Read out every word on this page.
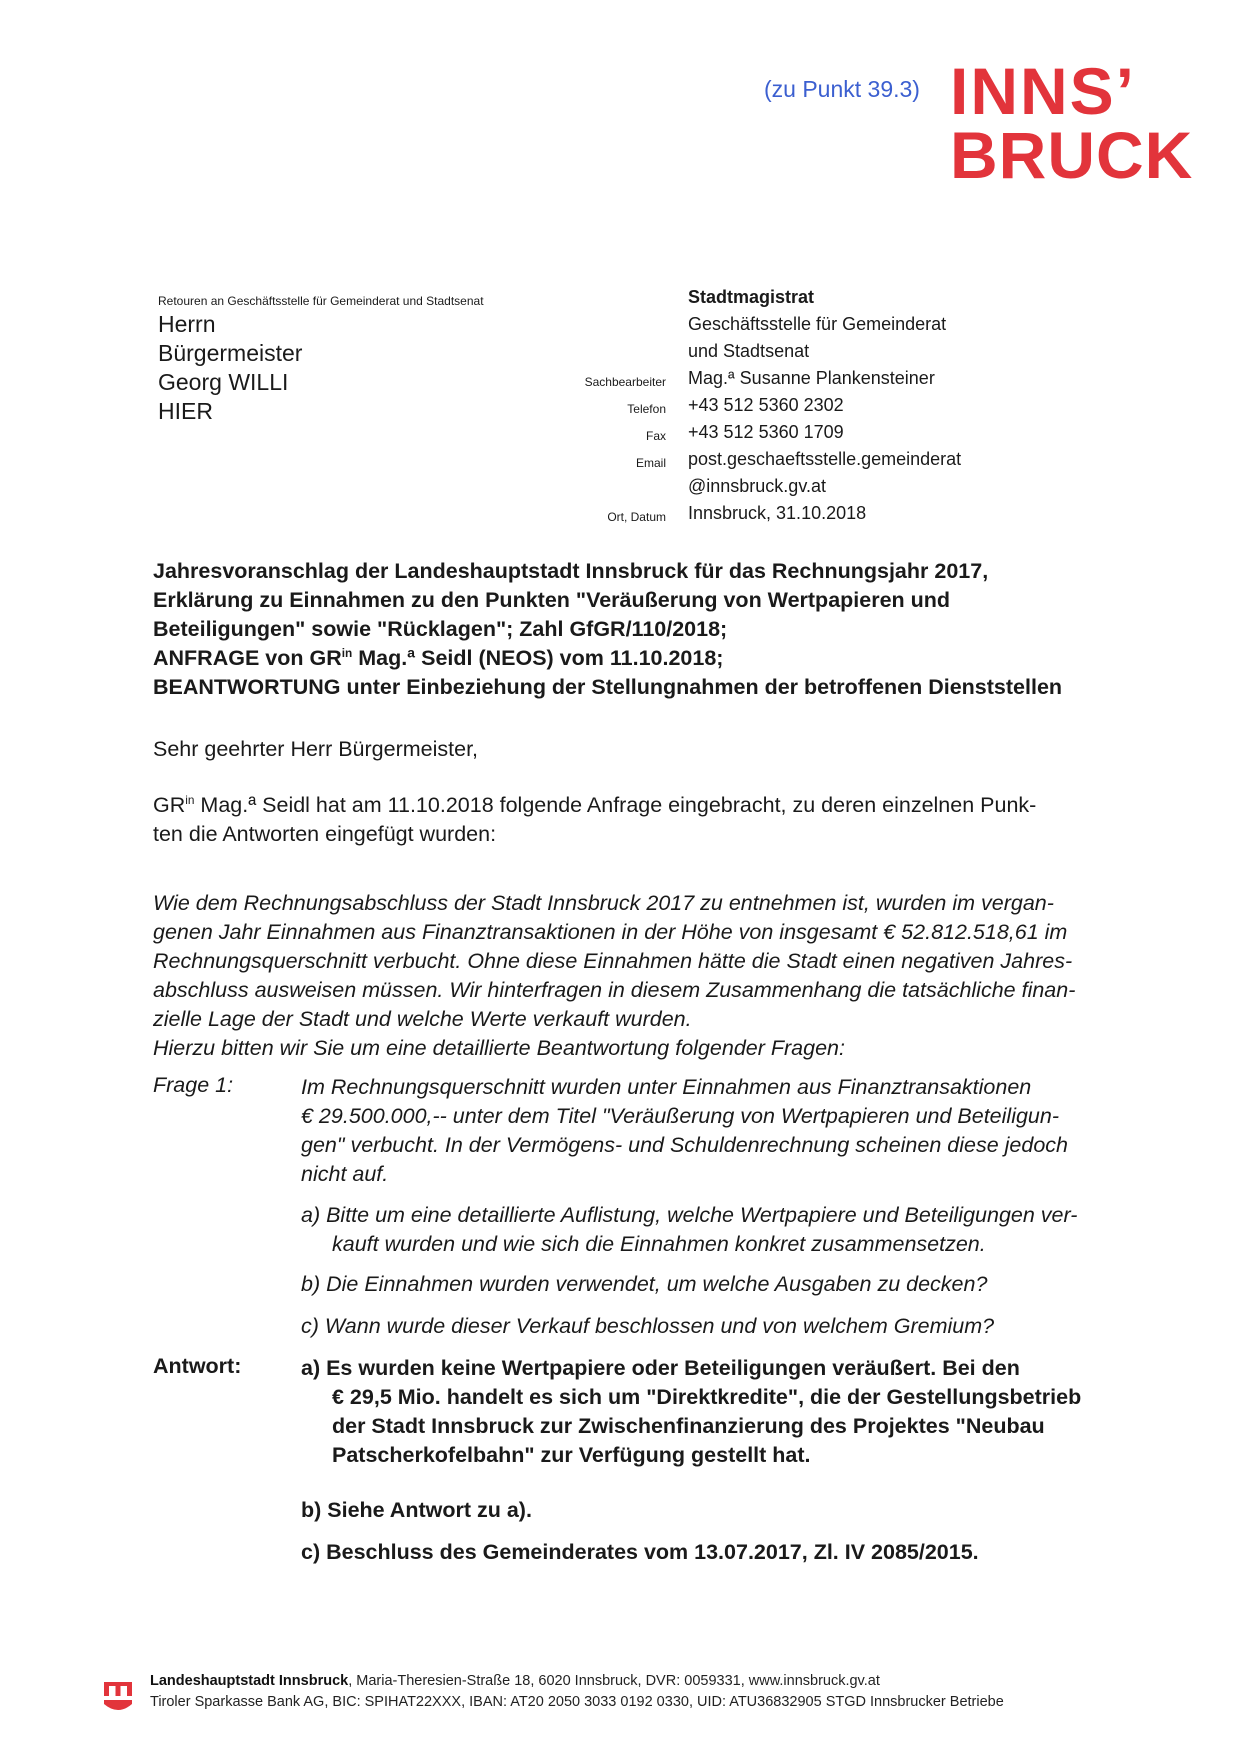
(zu Punkt 39.3) INNS’
BRUCK
Retouren an Geschäftsstelle für Gemeinderat und Stadtsenat
Herrn
Bürgermeister
Georg WILLI
HIER
Stadtmagistrat
Geschäftsstelle für Gemeinderat
und Stadtsenat
Sachbearbeiter Mag.ª Susanne Plankensteiner
Telefon +43 512 5360 2302
Fax +43 512 5360 1709
Email post.geschaeftsstelle.gemeinderat
@innsbruck.gv.at
Ort, Datum Innsbruck, 31.10.2018
Jahresvoranschlag der Landeshauptstadt Innsbruck für das Rechnungsjahr 2017,
Erklärung zu Einnahmen zu den Punkten "Veräußerung von Wertpapieren und
Beteiligungen" sowie "Rücklagen"; Zahl GfGR/110/2018;
ANFRAGE von $GR^{in}$ Mag.ª Seidl (NEOS) vom 11.10.2018;
BEANTWORTUNG unter Einbeziehung der Stellungnahmen der betroffenen Dienststellen
Sehr geehrter Herr Bürgermeister,
$GR^{in}$ Mag.ª Seidl hat am 11.10.2018 folgende Anfrage eingebracht, zu deren einzelnen Punk-
ten die Antworten eingefügt wurden:
Wie dem Rechnungsabschluss der Stadt Innsbruck 2017 zu entnehmen ist, wurden im vergan-
genen Jahr Einnahmen aus Finanztransaktionen in der Höhe von insgesamt € 52.812.518,61 im
Rechnungsquerschnitt verbucht. Ohne diese Einnahmen hätte die Stadt einen negativen Jahres-
abschluss ausweisen müssen. Wir hinterfragen in diesem Zusammenhang die tatsächliche finan-
zielle Lage der Stadt und welche Werte verkauft wurden.
Hierzu bitten wir Sie um eine detaillierte Beantwortung folgender Fragen:
Frage 1:	Im Rechnungsquerschnitt wurden unter Einnahmen aus Finanztransaktionen
€ 29.500.000,-- unter dem Titel "Veräußerung von Wertpapieren und Beteiligun-
gen" verbucht. In der Vermögens- und Schuldenrechnung scheinen diese jedoch
nicht auf.
a) Bitte um eine detaillierte Auflistung, welche Wertpapiere und Beteiligungen ver-
kauft wurden und wie sich die Einnahmen konkret zusammensetzen.
b) Die Einnahmen wurden verwendet, um welche Ausgaben zu decken?
c) Wann wurde dieser Verkauf beschlossen und von welchem Gremium?
Antwort:	a) Es wurden keine Wertpapiere oder Beteiligungen veräußert. Bei den
€ 29,5 Mio. handelt es sich um "Direktkredite", die der Gestellungsbetrieb
der Stadt Innsbruck zur Zwischenfinanzierung des Projektes "Neubau
Patscherkofelbahn" zur Verfügung gestellt hat.
b) Siehe Antwort zu a).
c) Beschluss des Gemeinderates vom 13.07.2017, Zl. IV 2085/2015.
Landeshauptstadt Innsbruck, Maria-Theresien-Straße 18, 6020 Innsbruck, DVR: 0059331, www.innsbruck.gv.at
Tiroler Sparkasse Bank AG, BIC: SPIHAT22XXX, IBAN: AT20 2050 3033 0192 0330, UID: ATU36832905 STGD Innsbrucker Betriebe
